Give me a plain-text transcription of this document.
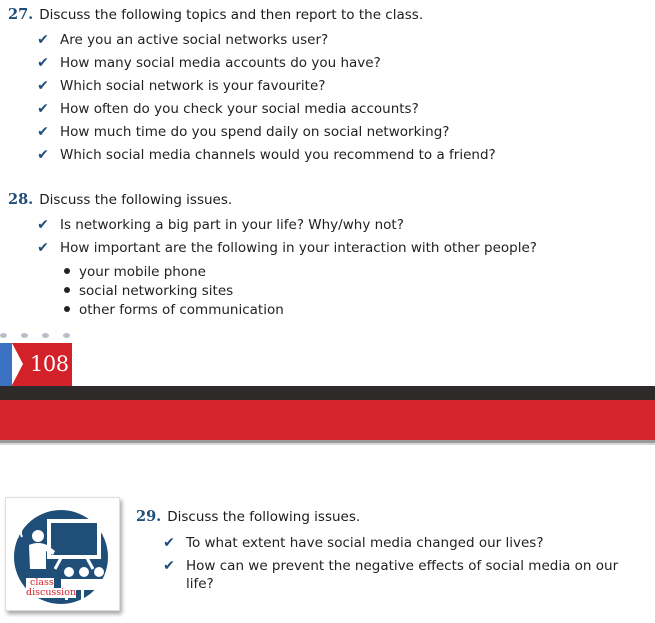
27. Discuss the following topics and then report to the class.
✔ Are you an active social networks user?
✔ How many social media accounts do you have?
✔ Which social network is your favourite?
✔ How often do you check your social media accounts?
✔ How much time do you spend daily on social networking?
✔ Which social media channels would you recommend to a friend?
28. Discuss the following issues.
✔ Is networking a big part in your life? Why/why not?
✔ How important are the following in your interaction with other people?
your mobile phone
social networking sites
other forms of communication
108
class
discussion
29. Discuss the following issues.
✔ To what extent have social media changed our lives?
✔ How can we prevent the negative effects of social media on our
life?
